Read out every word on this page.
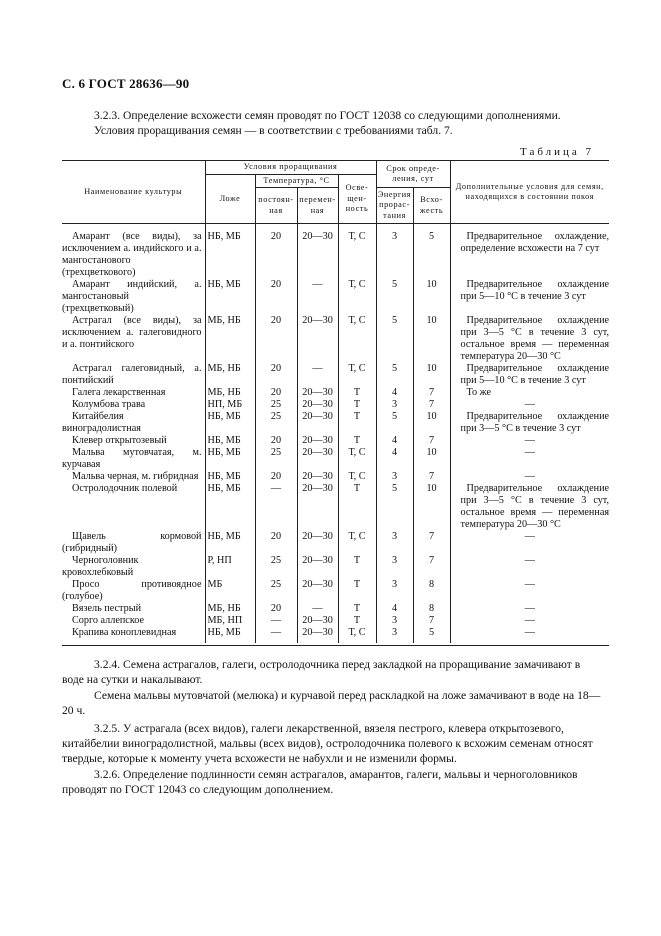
С. 6 ГОСТ 28636—90
3.2.3. Определение всхожести семян проводят по ГОСТ 12038 со следующими дополнениями.
Условия проращивания семян — в соответствии с требованиями табл. 7.
Таблица 7
Наименование культуры	Условия проращивания				Срок опреде-ления, сут		Дополнительные условия для семян, находящихся в состоянии покоя
	Ложе	Температура, °С		Осве-щен-ность			
		постоян-ная	перемен-ная		Энергия прорас-тания	Всхо-жесть	

Амарант (все виды), за исключением а. индийского и а. мангостанового (трехцветкового)	НБ, МБ	20	20—30	Т, С	3	5	Предварительное охлаждение, определение всхожести на 7 сут

Амарант индийский, а. мангостановый (трехцветковый)	НБ, МБ	20	—	Т, С	5	10	Предварительное охлаждение при 5—10 °С в течение 3 сут

Астрагал (все виды), за исключением а. галеговидного и а. понтийского	МБ, НБ	20	20—30	Т, С	5	10	Предварительное охлаждение при 3—5 °С в течение 3 сут, остальное время — переменная температура 20—30 °С

Астрагал галеговидный, а. понтийский	МБ, НБ	20	—	Т, С	5	10	Предварительное охлаждение при 5—10 °С в течение 3 сут

Галега лекарственная	МБ, НБ	20	20—30	Т	4	7	То же

Колумбова трава	НП, МБ	25	20—30	Т	3	7	—

Китайбелия виноградолистная	НБ, МБ	25	20—30	Т	5	10	Предварительное охлаждение при 3—5 °С в течение 3 сут

Клевер открытозевый	НБ, МБ	20	20—30	Т	4	7	—

Мальва мутовчатая, м. курчавая	НБ, МБ	25	20—30	Т, С	4	10	—

Мальва черная, м. гибридная	НБ, МБ	20	20—30	Т, С	3	7	—

Остролодочник полевой	НБ, МБ	—	20—30	Т	5	10	Предварительное охлаждение при 3—5 °С в течение 3 сут, остальное время — переменная температура 20—30 °С

Щавель кормовой (гибридный)	НБ, МБ	20	20—30	Т, С	3	7	—

Черноголовник кровохлебковый	Р, НП	25	20—30	Т	3	7	—

Просо противоядное (голубое)	МБ	25	20—30	Т	3	8	—

Вязель пестрый	МБ, НБ	20	—	Т	4	8	—

Сорго аллепское	МБ, НП	—	20—30	Т	3	7	—

Крапива коноплевидная	НБ, МБ	—	20—30	Т, С	3	5	—
3.2.4. Семена астрагалов, галеги, остролодочника перед закладкой на проращивание замачивают в воде на сутки и накалывают.
Семена мальвы мутовчатой (мелюка) и курчавой перед раскладкой на ложе замачивают в воде на 18—20 ч.
3.2.5. У астрагала (всех видов), галеги лекарственной, вязеля пестрого, клевера открытозевого, китайбелии виноградолистной, мальвы (всех видов), остролодочника полевого к всхожим семенам относят твердые, которые к моменту учета всхожести не набухли и не изменили формы.
3.2.6. Определение подлинности семян астрагалов, амарантов, галеги, мальвы и черноголовников проводят по ГОСТ 12043 со следующим дополнением.
